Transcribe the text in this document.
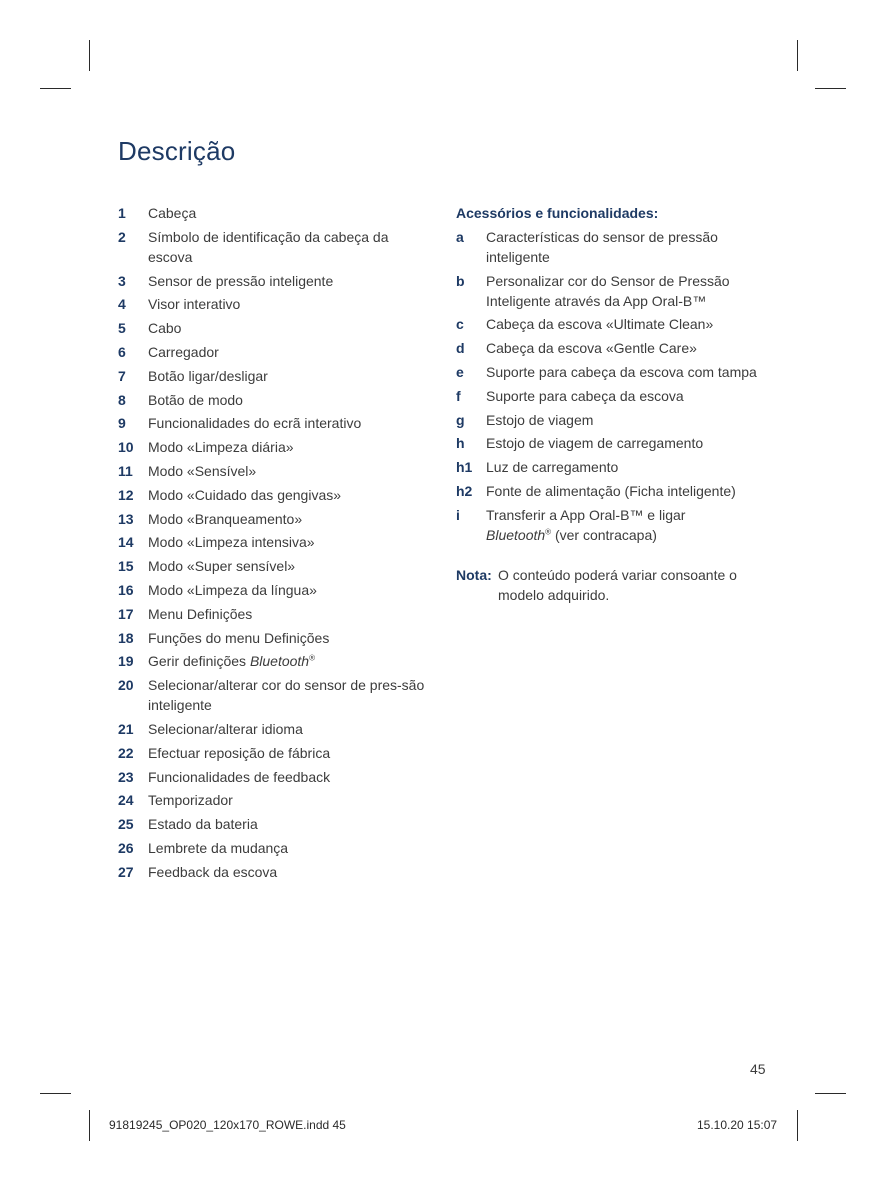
Descrição
1	Cabeça
2	Símbolo de identificação da cabeça da escova
3	Sensor de pressão inteligente
4	Visor interativo
5	Cabo
6	Carregador
7	Botão ligar/desligar
8	Botão de modo
9	Funcionalidades do ecrã interativo
10	Modo «Limpeza diária»
11	Modo «Sensível»
12	Modo «Cuidado das gengivas»
13	Modo «Branqueamento»
14	Modo «Limpeza intensiva»
15	Modo «Super sensível»
16	Modo «Limpeza da língua»
17	Menu Definições
18	Funções do menu Definições
19	Gerir definições Bluetooth®
20	Selecionar/alterar cor do sensor de pres-são inteligente
21	Selecionar/alterar idioma
22	Efectuar reposição de fábrica
23	Funcionalidades de feedback
24	Temporizador
25	Estado da bateria
26	Lembrete da mudança
27	Feedback da escova
Acessórios e funcionalidades:
a	Características do sensor de pressão inteligente
b	Personalizar cor do Sensor de Pressão Inteligente através da App Oral-B™
c	Cabeça da escova «Ultimate Clean»
d	Cabeça da escova «Gentle Care»
e	Suporte para cabeça da escova com tampa
f	Suporte para cabeça da escova
g	Estojo de viagem
h	Estojo de viagem de carregamento
h1 Luz de carregamento
h2 Fonte de alimentação (Ficha inteligente)
i	Transferir a App Oral-B™ e ligar
Bluetooth® (ver contracapa)
Nota: O conteúdo poderá variar consoante o modelo adquirido.
45
91819245_OP020_120x170_ROWE.indd 45	15.10.20 15:07
